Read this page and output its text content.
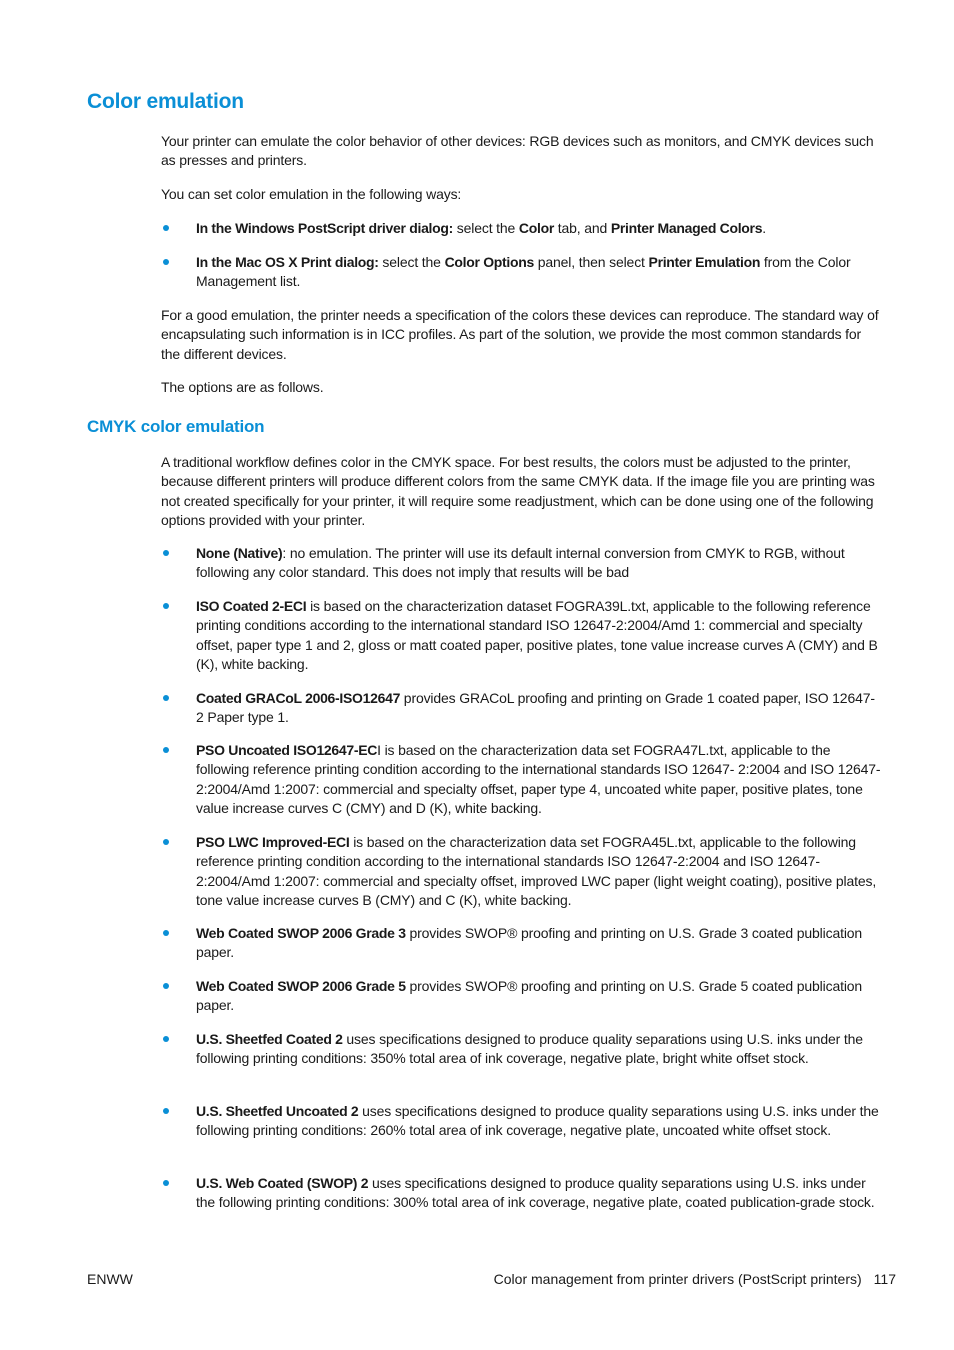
Color emulation

Your printer can emulate the color behavior of other devices: RGB devices such as monitors, and CMYK devices such as presses and printers.

You can set color emulation in the following ways:

In the Windows PostScript driver dialog: select the Color tab, and Printer Managed Colors.
In the Mac OS X Print dialog: select the Color Options panel, then select Printer Emulation from the Color Management list.

For a good emulation, the printer needs a specification of the colors these devices can reproduce. The standard way of encapsulating such information is in ICC profiles. As part of the solution, we provide the most common standards for the different devices.

The options are as follows.

CMYK color emulation

A traditional workflow defines color in the CMYK space. For best results, the colors must be adjusted to the printer, because different printers will produce different colors from the same CMYK data. If the image file you are printing was not created specifically for your printer, it will require some readjustment, which can be done using one of the following options provided with your printer.

None (Native): no emulation. The printer will use its default internal conversion from CMYK to RGB, without following any color standard. This does not imply that results will be bad
ISO Coated 2-ECI is based on the characterization dataset FOGRA39L.txt, applicable to the following reference printing conditions according to the international standard ISO 12647-2:2004/Amd 1: commercial and specialty offset, paper type 1 and 2, gloss or matt coated paper, positive plates, tone value increase curves A (CMY) and B (K), white backing.
Coated GRACoL 2006-ISO12647 provides GRACoL proofing and printing on Grade 1 coated paper, ISO 12647-2 Paper type 1.
PSO Uncoated ISO12647-ECI is based on the characterization data set FOGRA47L.txt, applicable to the following reference printing condition according to the international standards ISO 12647- 2:2004 and ISO 12647-2:2004/Amd 1:2007: commercial and specialty offset, paper type 4, uncoated white paper, positive plates, tone value increase curves C (CMY) and D (K), white backing.
PSO LWC Improved-ECI is based on the characterization data set FOGRA45L.txt, applicable to the following reference printing condition according to the international standards ISO 12647-2:2004 and ISO 12647-2:2004/Amd 1:2007: commercial and specialty offset, improved LWC paper (light weight coating), positive plates, tone value increase curves B (CMY) and C (K), white backing.
Web Coated SWOP 2006 Grade 3 provides SWOP® proofing and printing on U.S. Grade 3 coated publication paper.
Web Coated SWOP 2006 Grade 5 provides SWOP® proofing and printing on U.S. Grade 5 coated publication paper.
U.S. Sheetfed Coated 2 uses specifications designed to produce quality separations using U.S. inks under the following printing conditions: 350% total area of ink coverage, negative plate, bright white offset stock.
U.S. Sheetfed Uncoated 2 uses specifications designed to produce quality separations using U.S. inks under the following printing conditions: 260% total area of ink coverage, negative plate, uncoated white offset stock.
U.S. Web Coated (SWOP) 2 uses specifications designed to produce quality separations using U.S. inks under the following printing conditions: 300% total area of ink coverage, negative plate, coated publication-grade stock.
ENWW	Color management from printer drivers (PostScript printers) 117
